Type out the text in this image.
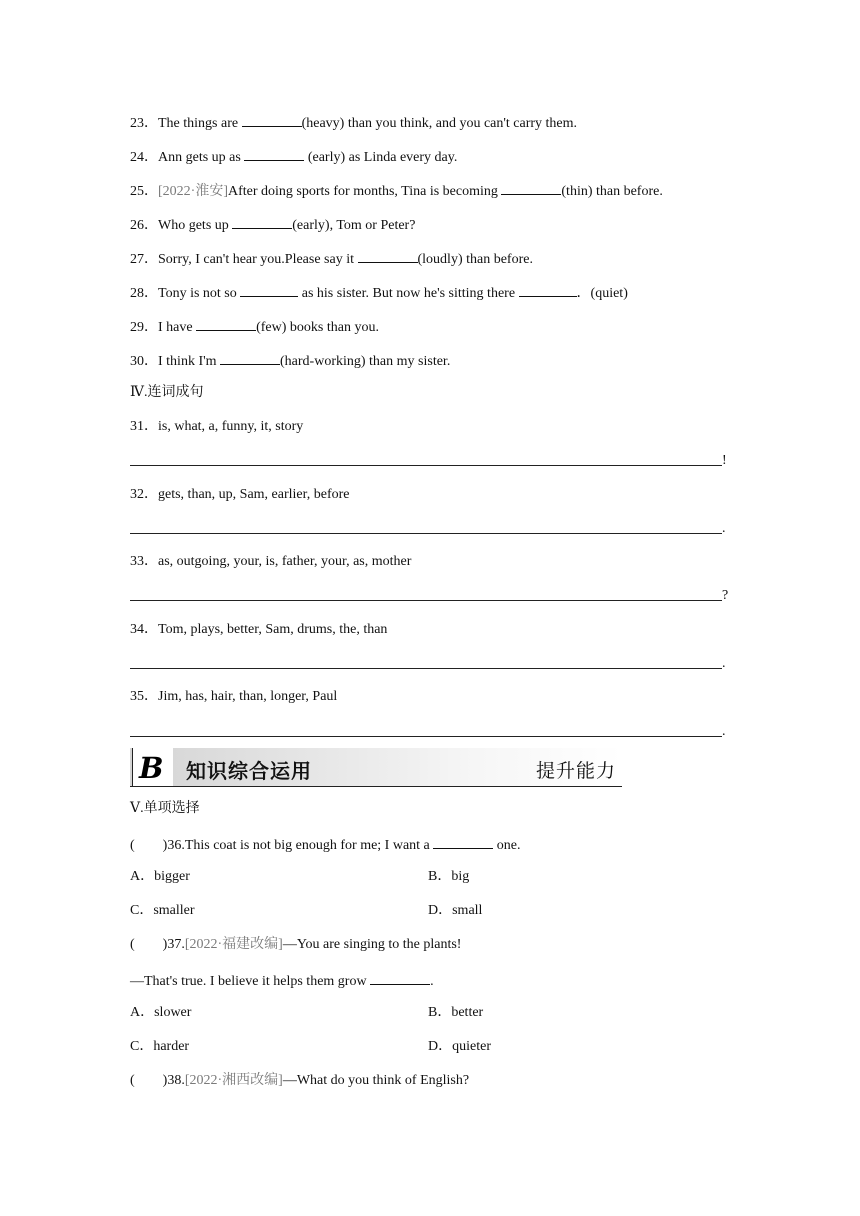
23．The things are	(heavy) than you think, and you can't carry them.
24．Ann gets up as	(early) as Linda every day.
25．[2022·淮安]After doing sports for months, Tina is becoming	(thin) than before.
26．Who gets up	(early), Tom or Peter?
27．Sorry, I can't hear you.Please say it	(loudly) than before.
28．Tony is not so	as his sister. But now he's sitting there	．(quiet)
29．I have	(few) books than you.
30．I think I'm	(hard-working) than my sister.
Ⅳ.连词成句
31．is, what, a, funny, it, story
!
32．gets, than, up, Sam, earlier, before
.
33．as, outgoing, your, is, father, your, as, mother
?
34．Tom, plays, better, Sam, drums, the, than
.
35．Jim, has, hair, than, longer, Paul
.
B 知识综合运用	提升能力
Ⅴ.单项选择
(　　)36.This coat is not big enough for me; I want a	one.
A．bigger	B．big
C．smaller	D．small
(　　)37.[2022·福建改编]—You are singing to the plants!
—That's true. I believe it helps them grow	.
A．slower	B．better
C．harder	D．quieter
(　　)38.[2022·湘西改编]—What do you think of English?
